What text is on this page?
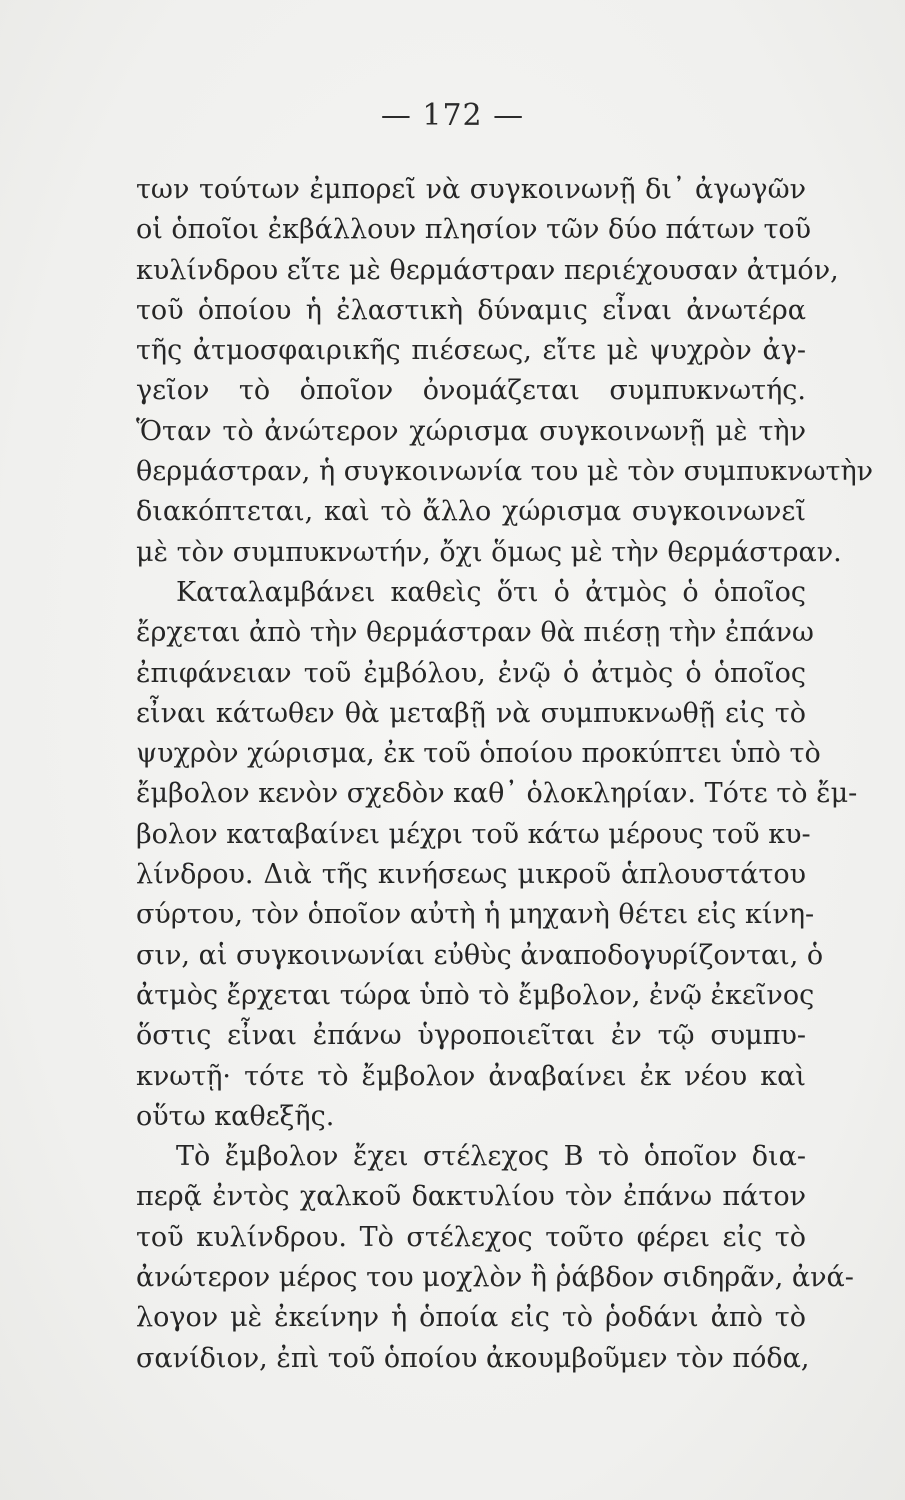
— 172 —
των τούτων ἐμπορεῖ νὰ συγκοινωνῇ δι᾽ ἀγωγῶν
οἱ ὁποῖοι ἐκβάλλουν πλησίον τῶν δύο πάτων τοῦ
κυλίνδρου εἴτε μὲ θερμάστραν περιέχουσαν ἀτμόν,
τοῦ ὁποίου ἡ ἐλαστικὴ δύναμις εἶναι ἀνωτέρα
τῆς ἀτμοσφαιρικῆς πιέσεως, εἴτε μὲ ψυχρὸν ἀγ-
γεῖον τὸ ὁποῖον ὀνομάζεται συμπυκνωτής.
Ὅταν τὸ ἀνώτερον χώρισμα συγκοινωνῇ μὲ τὴν
θερμάστραν, ἡ συγκοινωνία του μὲ τὸν συμπυκνωτὴν
διακόπτεται, καὶ τὸ ἄλλο χώρισμα συγκοινωνεῖ
μὲ τὸν συμπυκνωτήν, ὄχι ὅμως μὲ τὴν θερμάστραν.
Καταλαμβάνει καθεὶς ὅτι ὁ ἀτμὸς ὁ ὁποῖος
ἔρχεται ἀπὸ τὴν θερμάστραν θὰ πιέσῃ τὴν ἐπάνω
ἐπιφάνειαν τοῦ ἐμβόλου, ἐνῷ ὁ ἀτμὸς ὁ ὁποῖος
εἶναι κάτωθεν θὰ μεταβῇ νὰ συμπυκνωθῇ εἰς τὸ
ψυχρὸν χώρισμα, ἐκ τοῦ ὁποίου προκύπτει ὑπὸ τὸ
ἔμβολον κενὸν σχεδὸν καθ᾽ ὁλοκληρίαν. Τότε τὸ ἔμ-
βολον καταβαίνει μέχρι τοῦ κάτω μέρους τοῦ κυ-
λίνδρου. Διὰ τῆς κινήσεως μικροῦ ἁπλουστάτου
σύρτου, τὸν ὁποῖον αὐτὴ ἡ μηχανὴ θέτει εἰς κίνη-
σιν, αἱ συγκοινωνίαι εὐθὺς ἀναποδογυρίζονται, ὁ
ἀτμὸς ἔρχεται τώρα ὑπὸ τὸ ἔμβολον, ἐνῷ ἐκεῖνος
ὅστις εἶναι ἐπάνω ὑγροποιεῖται ἐν τῷ συμπυ-
κνωτῇ· τότε τὸ ἔμβολον ἀναβαίνει ἐκ νέου καὶ
οὕτω καθεξῆς.
Τὸ ἔμβολον ἔχει στέλεχος Β τὸ ὁποῖον δια-
περᾷ ἐντὸς χαλκοῦ δακτυλίου τὸν ἐπάνω πάτον
τοῦ κυλίνδρου. Τὸ στέλεχος τοῦτο φέρει εἰς τὸ
ἀνώτερον μέρος του μοχλὸν ἢ ῥάβδον σιδηρᾶν, ἀνά-
λογον μὲ ἐκείνην ἡ ὁποία εἰς τὸ ῥοδάνι ἀπὸ τὸ
σανίδιον, ἐπὶ τοῦ ὁποίου ἀκουμβοῦμεν τὸν πόδα,
